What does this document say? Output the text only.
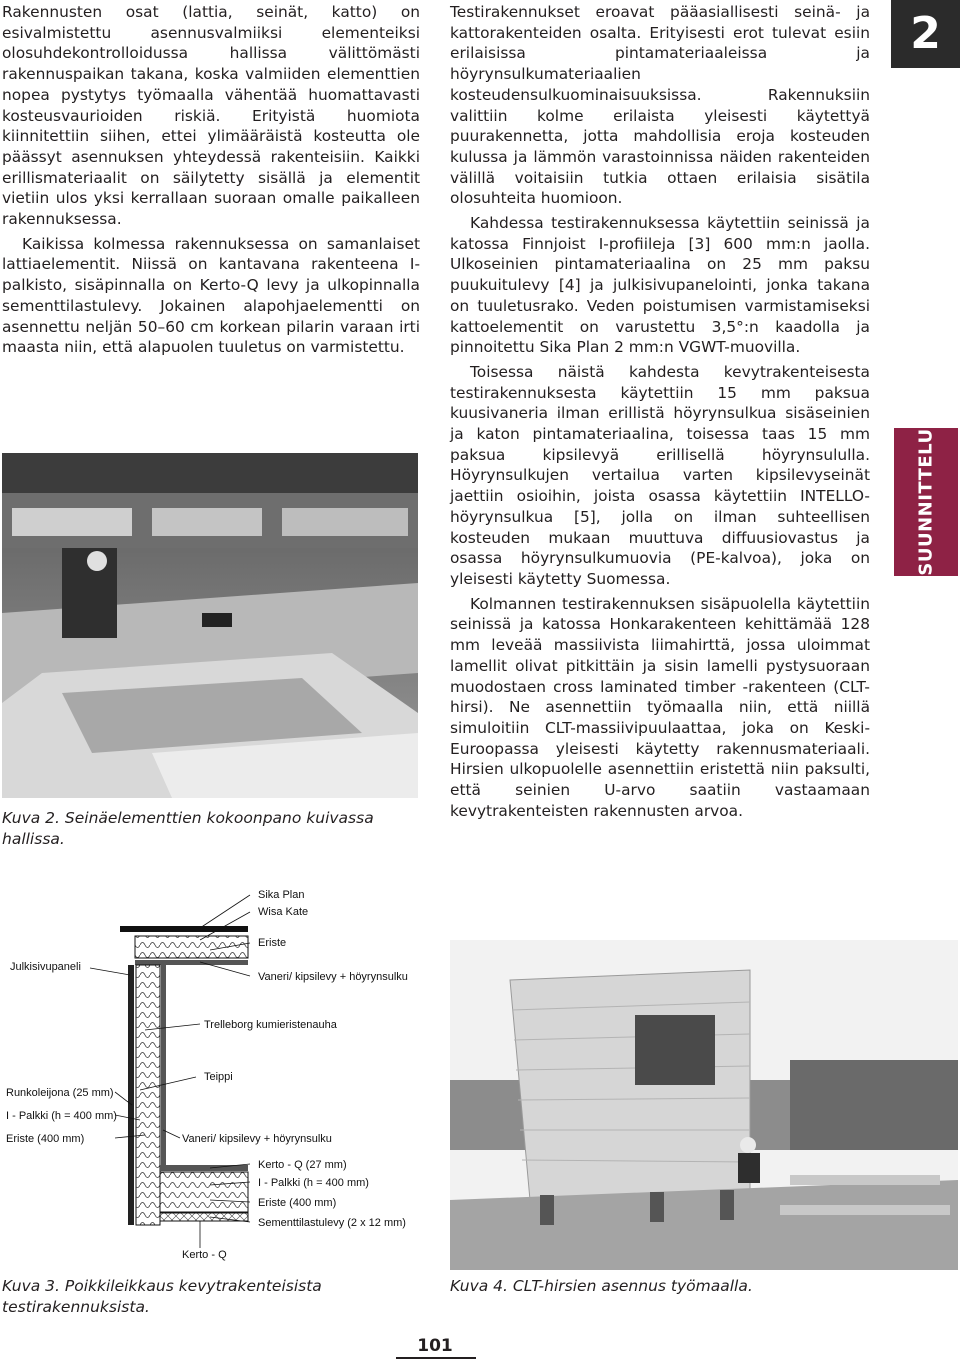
2
SUUNNITTELU

Rakennusten osat (lattia, seinät, katto) on esivalmistettu asennusvalmiiksi elementeiksi olosuhdekontrolloidussa hallissa välittömästi rakennuspaikan takana, koska valmiiden elementtien nopea pystytys työmaalla vähentää huomattavasti kosteusvaurioiden riskiä. Erityistä huomiota kiinnitettiin siihen, ettei ylimääräistä kosteutta ole päässyt asennuksen yhteydessä rakenteisiin. Kaikki erillismateriaalit on säilytetty sisällä ja elementit vietiin ulos yksi kerrallaan suoraan omalle paikalleen rakennuksessa.

Kaikissa kolmessa rakennuksessa on samanlaiset lattiaelementit. Niissä on kantavana rakenteena I-palkisto, sisäpinnalla on Kerto-Q levy ja ulkopinnalla sementtilastulevy. Jokainen alapohjaelementti on asennettu neljän 50–60 cm korkean pilarin varaan irti maasta niin, että alapuolen tuuletus on varmistettu.

Testirakennukset eroavat pääasiallisesti seinä- ja kattorakenteiden osalta. Erityisesti erot tulevat esiin erilaisissa pintamateriaaleissa ja höyrynsulkumateriaalien kosteudensulkuominaisuuksissa. Rakennuksiin valittiin kolme erilaista yleisesti käytettyä puurakennetta, jotta mahdollisia eroja kosteuden kulussa ja lämmön varastoinnissa näiden rakenteiden välillä voitaisiin tutkia ottaen erilaisia sisätila olosuhteita huomioon.

Kahdessa testirakennuksessa käytettiin seinissä ja katossa Finnjoist I-profiileja [3] 600 mm:n jaolla. Ulkoseinien pintamateriaalina on 25 mm paksu puukuitulevy [4] ja julkisivupanelointi, jonka takana on tuuletusrako. Veden poistumisen varmistamiseksi kattoelementit on varustettu 3,5°:n kaadolla ja pinnoitettu Sika Plan 2 mm:n VGWT-muovilla.

Toisessa näistä kahdesta kevytrakenteisesta testirakennuksesta käytettiin 15 mm paksua kuusivaneria ilman erillistä höyrynsulkua sisäseinien ja katon pintamateriaalina, toisessa taas 15 mm paksua kipsilevyä erillisellä höyrynsululla. Höyrynsulkujen vertailua varten kipsilevyseinät jaettiin osioihin, joista osassa käytettiin INTELLO-höyrynsulkua [5], jolla on ilman suhteellisen kosteuden mukaan muuttuva diffuusiovastus ja osassa höyrynsulkumuovia (PE-kalvoa), joka on yleisesti käytetty Suomessa.

Kolmannen testirakennuksen sisäpuolella käytettiin seinissä ja katossa Honkarakenteen kehittämää 128 mm leveää massiivista liimahirttä, jossa uloimmat lamellit olivat pitkittäin ja sisin lamelli pystysuoraan muodostaen cross laminated timber -rakenteen (CLT-hirsi). Ne asennettiin työmaalla niin, että niillä simuloitiin CLT-massiivipuulaattaa, joka on Keski-Euroopassa yleisesti käytetty rakennusmateriaali. Hirsien ulkopuolelle asennettiin eristettä niin paksulti, että seinien U-arvo saatiin vastaamaan kevytrakenteisten rakennusten arvoa.

Kuva 2. Seinäelementtien kokoonpano kuivassa hallissa.
Sika Plan
Wisa Kate
Eriste
Julkisivupaneli
Vaneri/ kipsilevy + höyrynsulku
Trelleborg kumieristenauha
Teippi
Runkoleijona (25 mm)
I - Palkki (h = 400 mm)
Eriste (400 mm)	Vaneri/ kipsilevy + höyrynsulku
Kerto - Q (27 mm)
I - Palkki (h = 400 mm)
Eriste (400 mm)
Sementtilastulevy (2 x 12 mm)
Kerto - Q
Kuva 3. Poikkileikkaus kevytrakenteisista testirakennuksista.
Kuva 4. CLT-hirsien asennus työmaalla.
101
